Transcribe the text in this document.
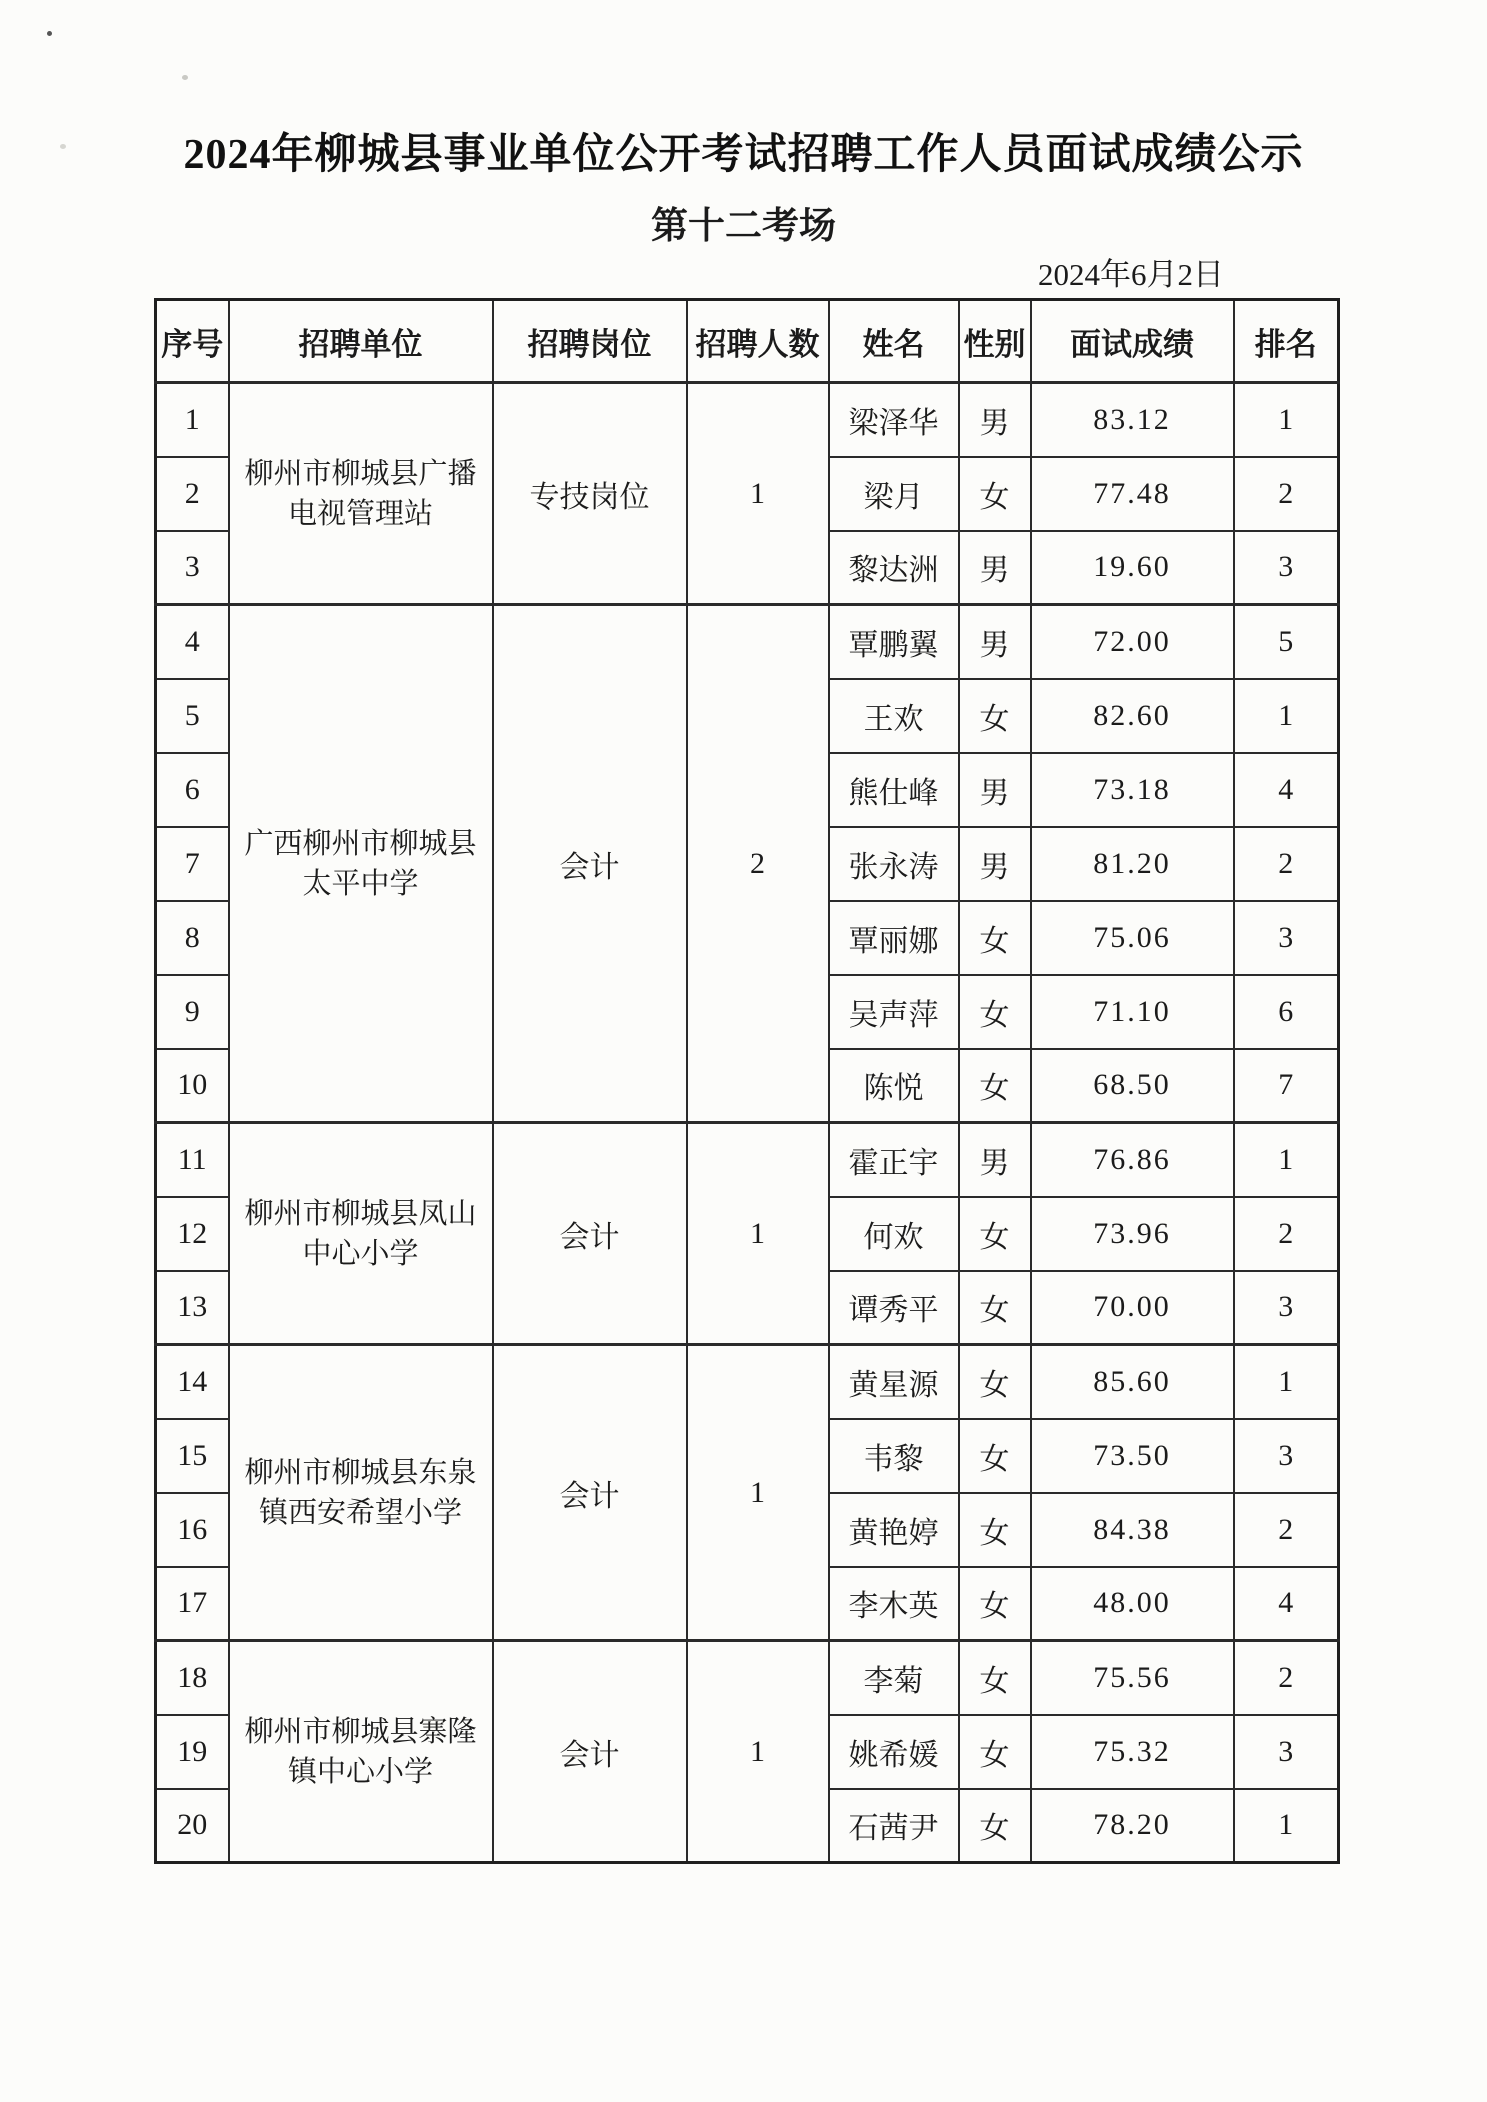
2024年柳城县事业单位公开考试招聘工作人员面试成绩公示
第十二考场
2024年6月2日
序号	招聘单位	招聘岗位	招聘人数	姓名	性别	面试成绩	排名
1	柳州市柳城县广播电视管理站	专技岗位	1	梁泽华	男	83.12	1
2				梁月	女	77.48	2
3				黎达洲	男	19.60	3
4	广西柳州市柳城县太平中学	会计	2	覃鹏翼	男	72.00	5
5				王欢	女	82.60	1
6				熊仕峰	男	73.18	4
7				张永涛	男	81.20	2
8				覃丽娜	女	75.06	3
9				吴声萍	女	71.10	6
10				陈悦	女	68.50	7
11	柳州市柳城县凤山中心小学	会计	1	霍正宇	男	76.86	1
12				何欢	女	73.96	2
13				谭秀平	女	70.00	3
14	柳州市柳城县东泉镇西安希望小学	会计	1	黄星源	女	85.60	1
15				韦黎	女	73.50	3
16				黄艳婷	女	84.38	2
17				李木英	女	48.00	4
18	柳州市柳城县寨隆镇中心小学	会计	1	李菊	女	75.56	2
19				姚希媛	女	75.32	3
20				石茜尹	女	78.20	1
